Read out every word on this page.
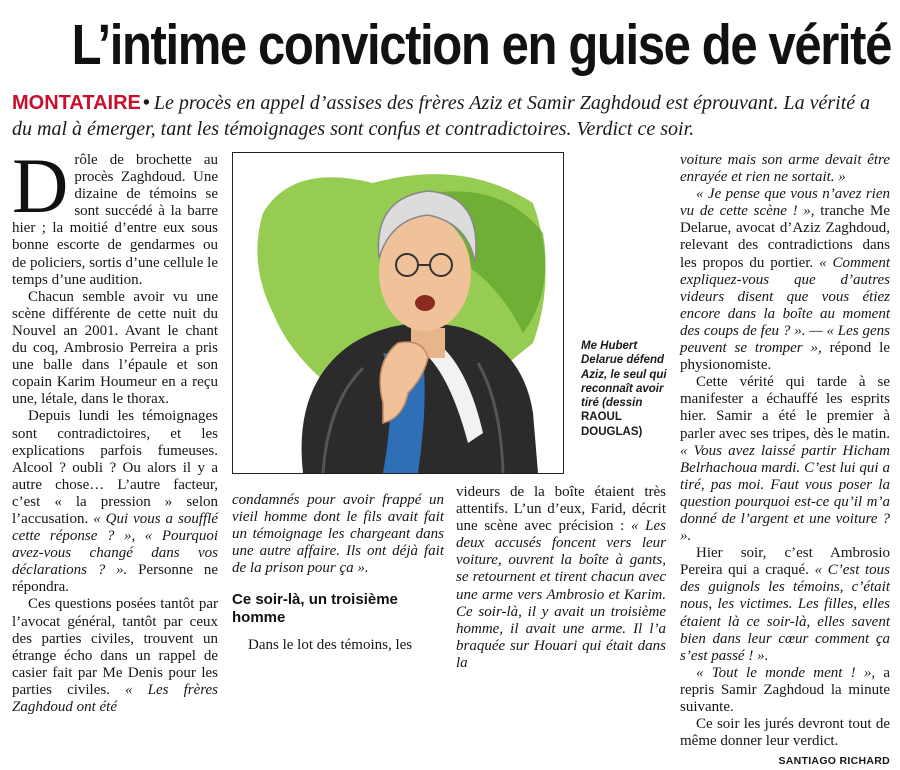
L’intime conviction en guise de vérité

MONTATAIRE • Le procès en appel d’assises des frères Aziz et Samir Zaghdoud est éprouvant. La vérité a du mal à émerger, tant les témoignages sont confus et contradictoires. Verdict ce soir.

Drôle de brochette au procès Zaghdoud. Une dizaine de témoins se sont succédé à la barre hier ; la moitié d’entre eux sous bonne escorte de gendarmes ou de policiers, sortis d’une cellule le temps d’une audition.

Chacun semble avoir vu une scène différente de cette nuit du Nouvel an 2001. Avant le chant du coq, Ambrosio Perreira a pris une balle dans l’épaule et son copain Karim Houmeur en a reçu une, létale, dans le thorax.

Depuis lundi les témoignages sont contradictoires, et les explications parfois fumeuses. Alcool ? oubli ? Ou alors il y a autre chose… L’autre facteur, c’est « la pression » selon l’accusation. « Qui vous a soufflé cette réponse ? », « Pourquoi avez-vous changé dans vos déclarations ? ». Personne ne répondra.

Ces questions posées tantôt par l’avocat général, tantôt par ceux des parties civiles, trouvent un étrange écho dans un rappel de casier fait par Me Denis pour les parties civiles. « Les frères Zaghdoud ont été

Me Hubert Delarue défend Aziz, le seul qui reconnaît avoir tiré (dessin RAOUL DOUGLAS)

condamnés pour avoir frappé un vieil homme dont le fils avait fait un témoignage les chargeant dans une autre affaire. Ils ont déjà fait de la prison pour ça ».

Ce soir-là, un troisième homme

Dans le lot des témoins, les

videurs de la boîte étaient très attentifs. L’un d’eux, Farid, décrit une scène avec précision : « Les deux accusés foncent vers leur voiture, ouvrent la boîte à gants, se retournent et tirent chacun avec une arme vers Ambrosio et Karim. Ce soir-là, il y avait un troisième homme, il avait une arme. Il l’a braquée sur Houari qui était dans la

voiture mais son arme devait être enrayée et rien ne sortait. »

« Je pense que vous n’avez rien vu de cette scène ! », tranche Me Delarue, avocat d’Aziz Zaghdoud, relevant des contradictions dans les propos du portier. « Comment expliquez-vous que d’autres videurs disent que vous étiez encore dans la boîte au moment des coups de feu ? ». — « Les gens peuvent se tromper », répond le physionomiste.

Cette vérité qui tarde à se manifester a échauffé les esprits hier. Samir a été le premier à parler avec ses tripes, dès le matin. « Vous avez laissé partir Hicham Belrhachoua mardi. C’est lui qui a tiré, pas moi. Faut vous poser la question pourquoi est-ce qu’il m’a donné de l’argent et une voiture ? ».

Hier soir, c’est Ambrosio Pereira qui a craqué. « C’est tous des guignols les témoins, c’était nous, les victimes. Les filles, elles étaient là ce soir-là, elles savent bien dans leur cœur comment ça s’est passé ! ».

« Tout le monde ment ! », a repris Samir Zaghdoud la minute suivante.

Ce soir les jurés devront tout de même donner leur verdict.

SANTIAGO RICHARD
